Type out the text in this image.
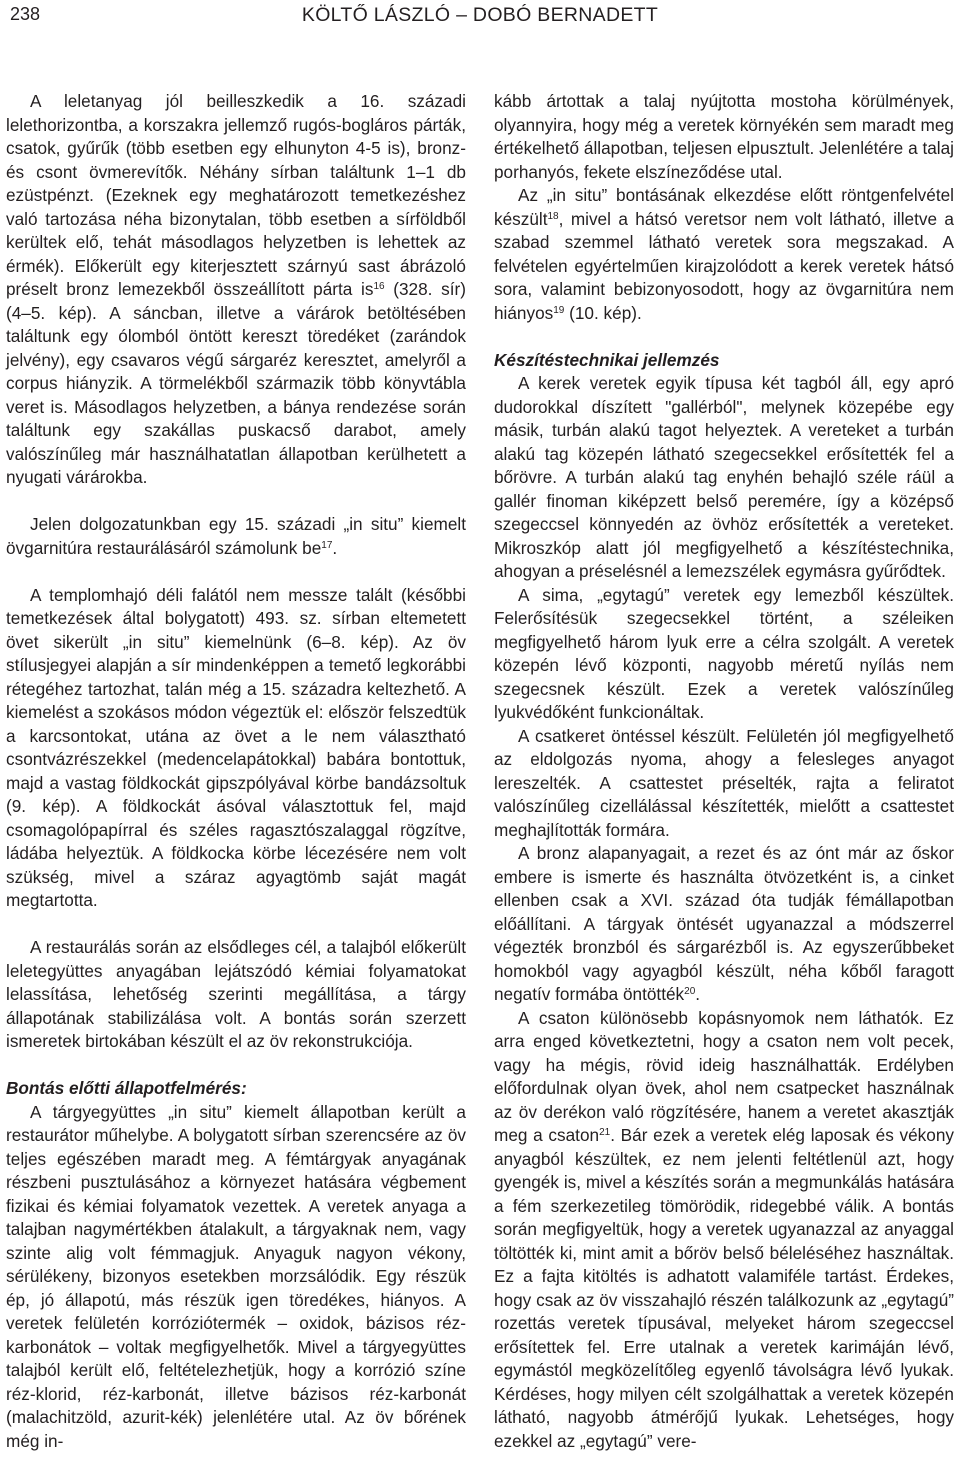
238	KÖLTŐ LÁSZLÓ – DOBÓ BERNADETT

A leletanyag jól beilleszkedik a 16. századi lelethorizontba, a korszakra jellemző rugós-bogláros párták, csatok, gyűrűk (több esetben egy elhunyton 4-5 is), bronz- és csont övmerevítők. Néhány sírban találtunk 1–1 db ezüstpénzt. (Ezeknek egy meghatározott temetkezéshez való tartozása néha bizonytalan, több esetben a sírföldből kerültek elő, tehát másodlagos helyzetben is lehettek az érmék). Előkerült egy kiterjesztett szárnyú sast ábrázoló préselt bronz lemezekből összeállított párta $is^{16}$ (328. sír) (4–5. kép). A sáncban, illetve a várárok betöltésében találtunk egy ólomból öntött kereszt töredéket (zarándok jelvény), egy csavaros végű sárgaréz keresztet, amelyről a corpus hiányzik. A törmelékből származik több könyvtábla veret is. Másodlagos helyzetben, a bánya rendezése során találtunk egy szakállas puskacső darabot, amely valószínűleg már használhatatlan állapotban kerülhetett a nyugati várárokba.

Jelen dolgozatunkban egy 15. századi „in situ” kiemelt övgarnitúra restaurálásáról számolunk $be^{17}$.

A templomhajó déli falától nem messze talált (későbbi temetkezések által bolygatott) 493. sz. sírban eltemetett övet sikerült „in situ” kiemelnünk (6–8. kép). Az öv stílusjegyei alapján a sír mindenképpen a temető legkorábbi rétegéhez tartozhat, talán még a 15. századra keltezhető. A kiemelést a szokásos módon végeztük el: először felszedtük a karcsontokat, utána az övet a le nem választható csontvázrészekkel (medencelapátokkal) babára bontottuk, majd a vastag földkockát gipszpólyával körbe bandázsoltuk (9. kép). A földkockát ásóval választottuk fel, majd csomagolópapírral és széles ragasztószalaggal rögzítve, ládába helyeztük. A földkocka körbe lécezésére nem volt szükség, mivel a száraz agyagtömb saját magát megtartotta.

A restaurálás során az elsődleges cél, a talajból előkerült leletegyüttes anyagában lejátszódó kémiai folyamatokat lelassítása, lehetőség szerinti megállítása, a tárgy állapotának stabilizálása volt. A bontás során szerzett ismeretek birtokában készült el az öv rekonstrukciója.

Bontás előtti állapotfelmérés:

A tárgyegyüttes „in situ” kiemelt állapotban került a restaurátor műhelybe. A bolygatott sírban szerencsére az öv teljes egészében maradt meg. A fémtárgyak anyagának részbeni pusztulásához a környezet hatására végbement fizikai és kémiai folyamatok vezettek. A veretek anyaga a talajban nagymértékben átalakult, a tárgyaknak nem, vagy szinte alig volt fémmagjuk. Anyaguk nagyon vékony, sérülékeny, bizonyos esetekben morzsálódik. Egy részük ép, jó állapotú, más részük igen töredékes, hiányos. A veretek felületén korróziótermék – oxidok, bázisos réz-karbonátok – voltak megfigyelhetők. Mivel a tárgyegyüttes talajból került elő, feltételezhetjük, hogy a korrózió színe réz-klorid, réz-karbonát, illetve bázisos réz-karbonát (malachitzöld, azurit-kék) jelenlétére utal. Az öv bőrének még in-

kább ártottak a talaj nyújtotta mostoha körülmények, olyannyira, hogy még a veretek környékén sem maradt meg értékelhető állapotban, teljesen elpusztult. Jelenlétére a talaj porhanyós, fekete elszíneződése utal.

Az „in situ” bontásának elkezdése előtt röntgenfelvétel készült$^{18}$, mivel a hátsó veretsor nem volt látható, illetve a szabad szemmel látható veretek sora megszakad. A felvételen egyértelműen kirajzolódott a kerek veretek hátsó sora, valamint bebizonyosodott, hogy az övgarnitúra nem hiányos$^{19}$ (10. kép).

Készítéstechnikai jellemzés

A kerek veretek egyik típusa két tagból áll, egy apró dudorokkal díszített "gallérból", melynek közepébe egy másik, turbán alakú tagot helyeztek. A vereteket a turbán alakú tag közepén látható szegecsekkel erősítették fel a bőrövre. A turbán alakú tag enyhén behajló széle ráül a gallér finoman kiképzett belső peremére, így a középső szegeccsel könnyedén az övhöz erősítették a vereteket. Mikroszkóp alatt jól megfigyelhető a készítéstechnika, ahogyan a préselésnél a lemezszélek egymásra gyűrődtek.

A sima, „egytagú” veretek egy lemezből készültek. Felerősítésük szegecsekkel történt, a széleiken megfigyelhető három lyuk erre a célra szolgált. A veretek közepén lévő központi, nagyobb méretű nyílás nem szegecsnek készült. Ezek a veretek valószínűleg lyukvédőként funkcionáltak.

A csatkeret öntéssel készült. Felületén jól megfigyelhető az eldolgozás nyoma, ahogy a felesleges anyagot lereszelték. A csattestet préselték, rajta a feliratot valószínűleg cizellálással készítették, mielőtt a csattestet meghajlították formára.

A bronz alapanyagait, a rezet és az ónt már az őskor embere is ismerte és használta ötvözetként is, a cinket ellenben csak a XVI. század óta tudják fémállapotban előállítani. A tárgyak öntését ugyanazzal a módszerrel végezték bronzból és sárgarézből is. Az egyszerűbbeket homokból vagy agyagból készült, néha kőből faragott negatív formába öntötték$^{20}$.

A csaton különösebb kopásnyomok nem láthatók. Ez arra enged következtetni, hogy a csaton nem volt pecek, vagy ha mégis, rövid ideig használhatták. Erdélyben előfordulnak olyan övek, ahol nem csatpecket használnak az öv derékon való rögzítésére, hanem a veretet akasztják meg a csaton$^{21}$. Bár ezek a veretek elég laposak és vékony anyagból készültek, ez nem jelenti feltétlenül azt, hogy gyengék is, mivel a készítés során a megmunkálás hatására a fém szerkezetileg tömörödik, ridegebbé válik. A bontás során megfigyeltük, hogy a veretek ugyanazzal az anyaggal töltötték ki, mint amit a bőröv belső béleléséhez használtak. Ez a fajta kitöltés is adhatott valamiféle tartást. Érdekes, hogy csak az öv visszahajló részén találkozunk az „egytagú” rozettás veretek típusával, melyeket három szegeccsel erősítettek fel. Erre utalnak a veretek karimáján lévő, egymástól megközelítőleg egyenlő távolságra lévő lyukak. Kérdéses, hogy milyen célt szolgálhattak a veretek közepén látható, nagyobb átmérőjű lyukak. Lehetséges, hogy ezekkel az „egytagú” vere-
